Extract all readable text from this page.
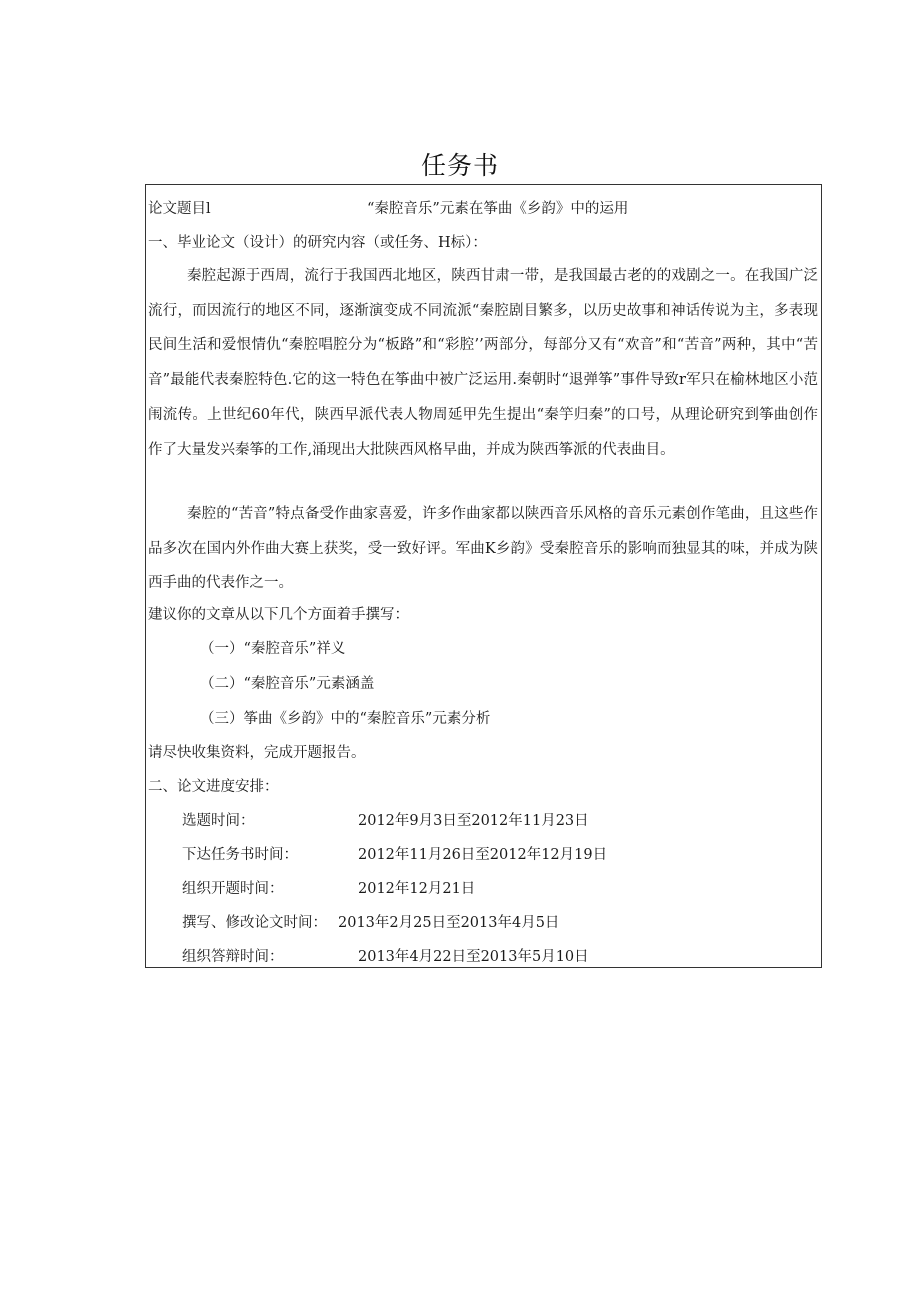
任务书
论文题目l	“秦腔音乐”元素在筝曲《乡韵》中的运用
一、毕业论文（设计）的研究内容（或任务、H标）：

秦腔起源于西周，流行于我国西北地区，陕西甘肃一带，是我国最古老的的戏剧之一。在我国广泛流行，而因流行的地区不同，逐渐演变成不同流派“秦腔剧目繁多，以历史故事和神话传说为主，多表现民间生活和爱恨情仇“秦腔唱腔分为“板路”和“彩腔’’两部分，每部分又有“欢音”和“苦音”两种，其中“苦音”最能代表秦腔特色.它的这一特色在筝曲中被广泛运用.秦朝时“退弹筝”事件导致r军只在榆林地区小范闱流传。上世纪60年代，陕西早派代表人物周延甲先生提出“秦竽归秦”的口号，从理论研究到筝曲创作作了大量发兴秦筝的工作,涌现出大批陕西风格早曲，并成为陕西筝派的代表曲目。

秦腔的“苦音”特点备受作曲家喜爱，许多作曲家都以陕西音乐风格的音乐元素创作笔曲，且这些作品多次在国内外作曲大赛上获奖，受一致好评。军曲K乡韵》受秦腔音乐的影响而独显其的味，并成为陕西手曲的代表作之一。

建议你的文章从以下几个方面着手撰写：
（一）“秦腔音乐”祥义
（二）“秦腔音乐”元素涵盖
（三）筝曲《乡韵》中的“秦腔音乐”元素分析
请尽快收集资料，完成开题报告。
二、论文进度安排：
选题时间：	2012年9月3日至2012年11月23日
下达任务书时间：	2012年11月26日至2012年12月19日
组织开题时间：	2012年12月21日
撰写、修改论文时间： 2013年2月25日至2013年4月5日
组织答辩时间：	2013年4月22日至2013年5月10日
